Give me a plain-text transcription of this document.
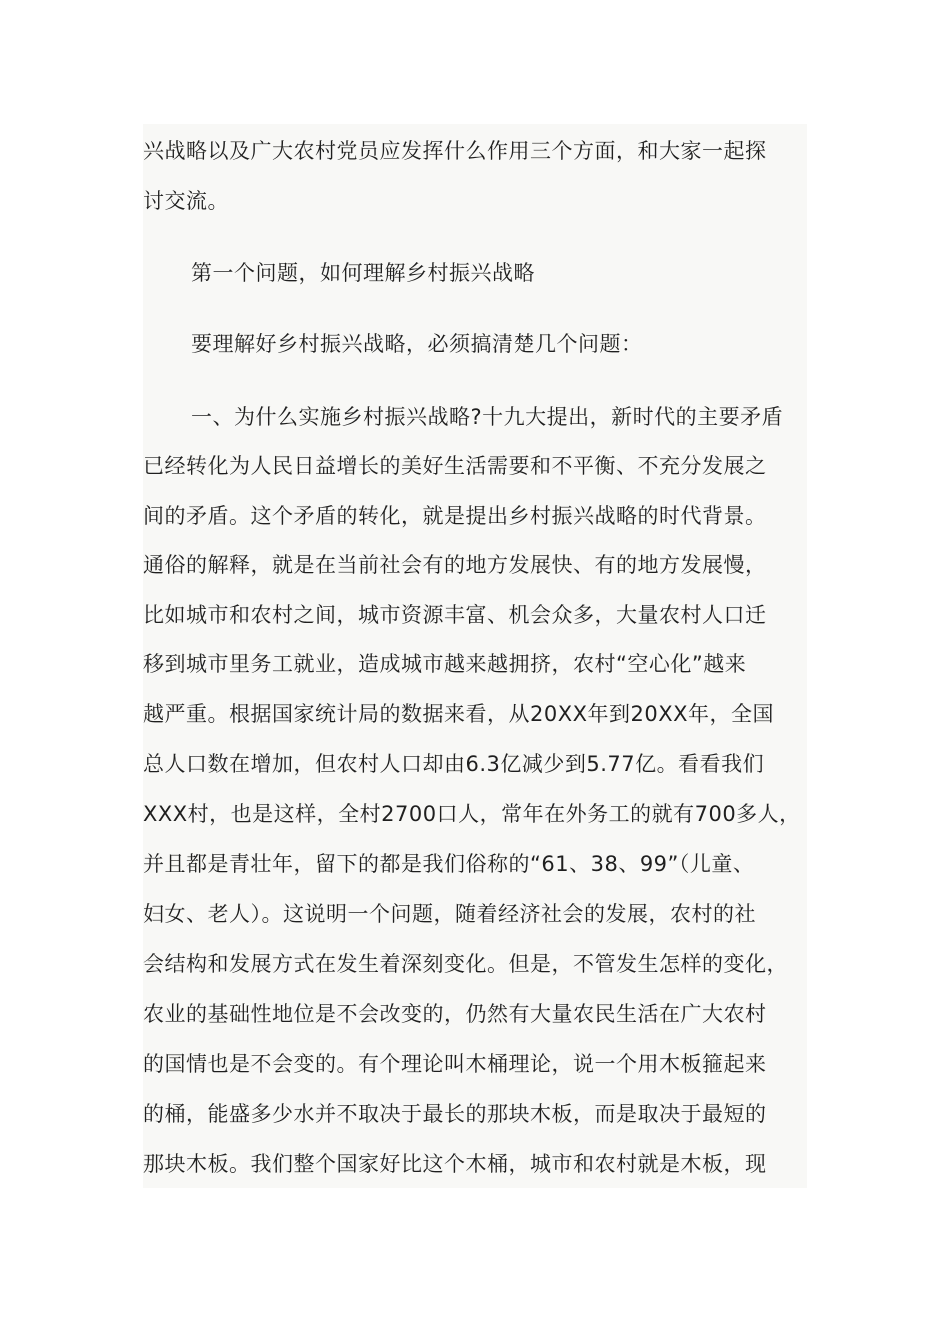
兴战略以及广大农村党员应发挥什么作用三个方面，和大家一起探
讨交流。
第一个问题，如何理解乡村振兴战略
要理解好乡村振兴战略，必须搞清楚几个问题：
一、为什么实施乡村振兴战略?十九大提出，新时代的主要矛盾
已经转化为人民日益增长的美好生活需要和不平衡、不充分发展之
间的矛盾。这个矛盾的转化，就是提出乡村振兴战略的时代背景。
通俗的解释，就是在当前社会有的地方发展快、有的地方发展慢，
比如城市和农村之间，城市资源丰富、机会众多，大量农村人口迁
移到城市里务工就业，造成城市越来越拥挤，农村“空心化”越来
越严重。根据国家统计局的数据来看，从20XX年到20XX年，全国
总人口数在增加，但农村人口却由6.3亿减少到5.77亿。看看我们
XXX村，也是这样，全村2700口人，常年在外务工的就有700多人，
并且都是青壮年，留下的都是我们俗称的“61、38、99”（儿童、
妇女、老人）。这说明一个问题，随着经济社会的发展，农村的社
会结构和发展方式在发生着深刻变化。但是，不管发生怎样的变化，
农业的基础性地位是不会改变的，仍然有大量农民生活在广大农村
的国情也是不会变的。有个理论叫木桶理论，说一个用木板箍起来
的桶，能盛多少水并不取决于最长的那块木板，而是取决于最短的
那块木板。我们整个国家好比这个木桶，城市和农村就是木板，现
